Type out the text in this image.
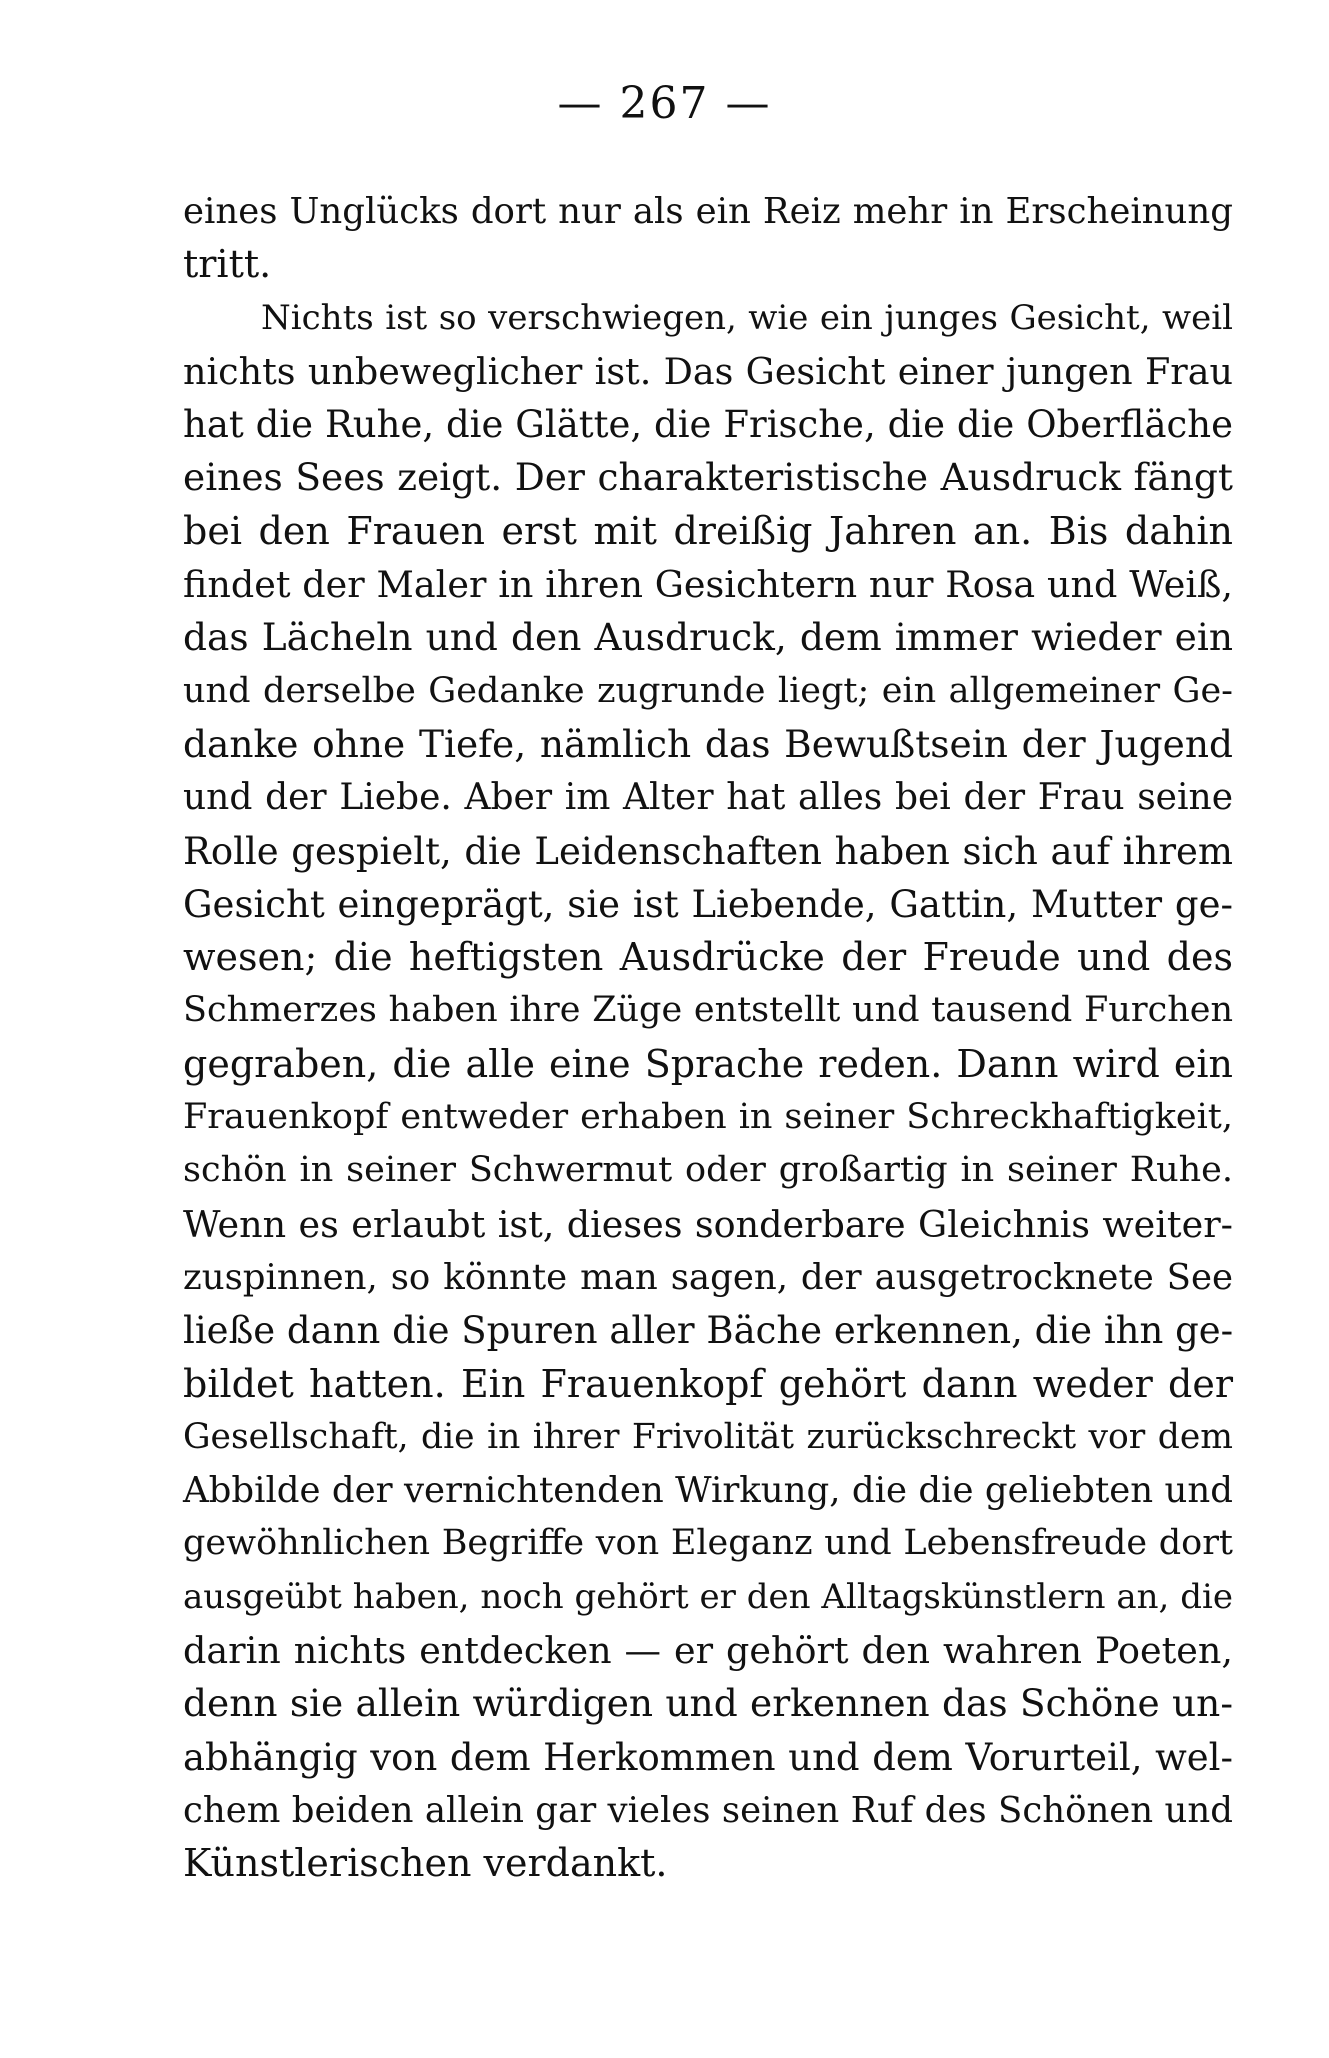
— 267 —
eines Unglücks dort nur als ein Reiz mehr in Erscheinung
tritt.
Nichts ist so verschwiegen, wie ein junges Gesicht, weil
nichts unbeweglicher ist. Das Gesicht einer jungen Frau
hat die Ruhe, die Glätte, die Frische, die die Oberfläche
eines Sees zeigt. Der charakteristische Ausdruck fängt
bei den Frauen erst mit dreißig Jahren an. Bis dahin
findet der Maler in ihren Gesichtern nur Rosa und Weiß,
das Lächeln und den Ausdruck, dem immer wieder ein
und derselbe Gedanke zugrunde liegt; ein allgemeiner Ge-
danke ohne Tiefe, nämlich das Bewußtsein der Jugend
und der Liebe. Aber im Alter hat alles bei der Frau seine
Rolle gespielt, die Leidenschaften haben sich auf ihrem
Gesicht eingeprägt, sie ist Liebende, Gattin, Mutter ge-
wesen; die heftigsten Ausdrücke der Freude und des
Schmerzes haben ihre Züge entstellt und tausend Furchen
gegraben, die alle eine Sprache reden. Dann wird ein
Frauenkopf entweder erhaben in seiner Schreckhaftigkeit,
schön in seiner Schwermut oder großartig in seiner Ruhe.
Wenn es erlaubt ist, dieses sonderbare Gleichnis weiter-
zuspinnen, so könnte man sagen, der ausgetrocknete See
ließe dann die Spuren aller Bäche erkennen, die ihn ge-
bildet hatten. Ein Frauenkopf gehört dann weder der
Gesellschaft, die in ihrer Frivolität zurückschreckt vor dem
Abbilde der vernichtenden Wirkung, die die geliebten und
gewöhnlichen Begriffe von Eleganz und Lebensfreude dort
ausgeübt haben, noch gehört er den Alltagskünstlern an, die
darin nichts entdecken — er gehört den wahren Poeten,
denn sie allein würdigen und erkennen das Schöne un-
abhängig von dem Herkommen und dem Vorurteil, wel-
chem beiden allein gar vieles seinen Ruf des Schönen und
Künstlerischen verdankt.
